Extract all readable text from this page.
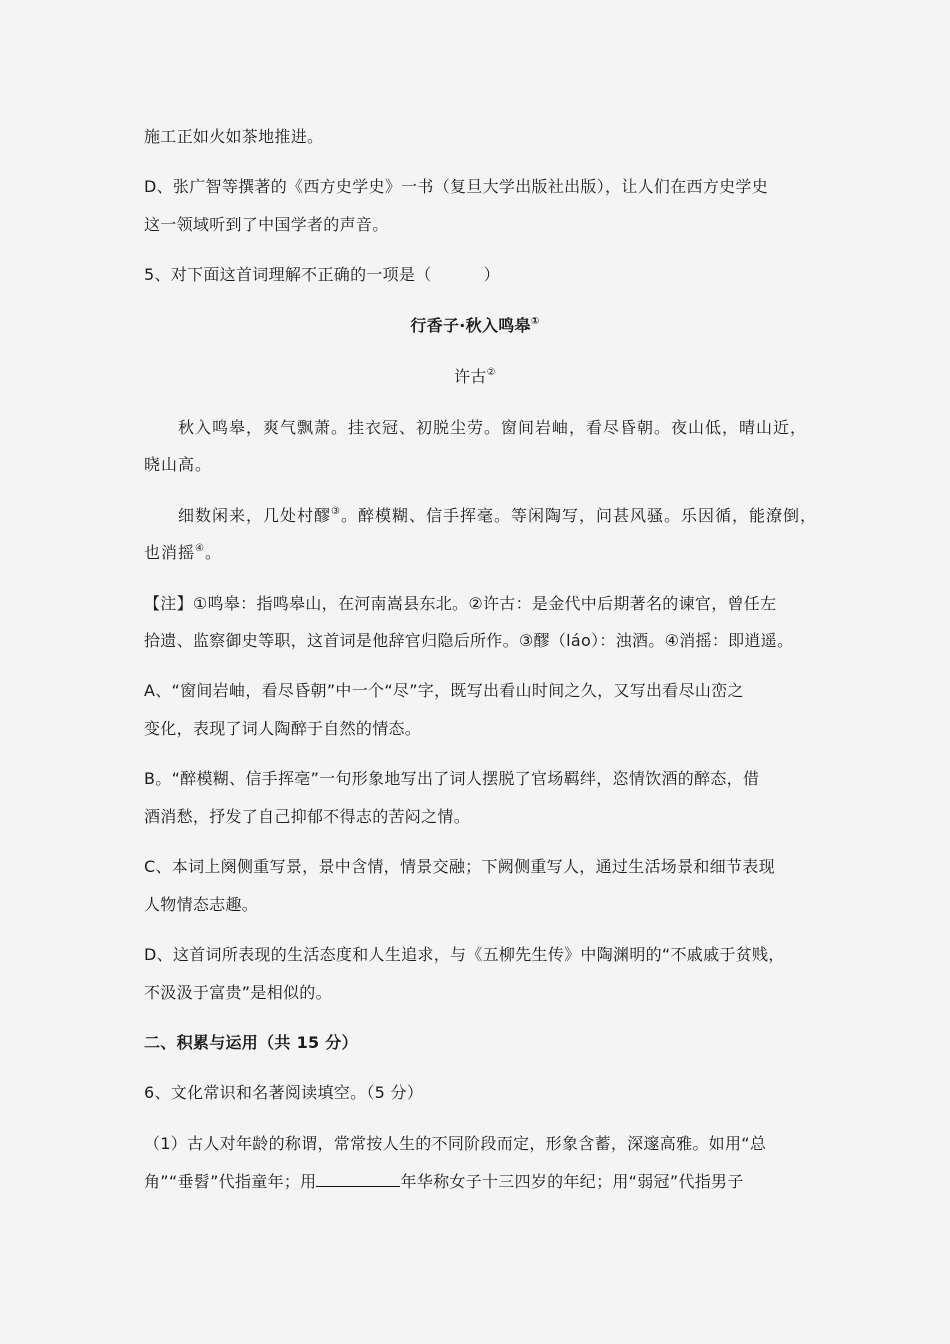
施工正如火如茶地推进。

D、张广智等撰著的《西方史学史》一书（复旦大学出版社出版），让人们在西方史学史

这一领域听到了中国学者的声音。

5、对下面这首词理解不正确的一项是（	）

行香子·秋入鸣皋①

许古②

秋入鸣皋，爽气飘萧。挂衣冠、初脱尘劳。窗间岩岫，看尽昏朝。夜山低，晴山近，

晓山高。

细数闲来，几处村醪③。醉模糊、信手挥毫。等闲陶写，问甚风骚。乐因循，能潦倒，

也消摇④。

【注】①鸣皋：指鸣皋山，在河南嵩县东北。②许古：是金代中后期著名的谏官，曾任左

拾遗、监察御史等职，这首词是他辞官归隐后所作。③醪（láo）：浊酒。④消摇：即逍遥。

A、“窗间岩岫，看尽昏朝”中一个“尽”字，既写出看山时间之久，又写出看尽山峦之

变化，表现了词人陶醉于自然的情态。

B。“醉模糊、信手挥亳”一句形象地写出了词人摆脱了官场羁绊，恣情饮酒的醉态，借

酒消愁，抒发了自己抑郁不得志的苦闷之情。

C、本词上阕侧重写景，景中含情，情景交融；下阙侧重写人，通过生活场景和细节表现

人物情态志趣。

D、这首词所表现的生活态度和人生追求，与《五柳先生传》中陶渊明的“不戚戚于贫贱，

不汲汲于富贵”是相似的。

二、积累与运用（共 15 分）

6、文化常识和名著阅读填空。（5 分）

（1）古人对年龄的称谓，常常按人生的不同阶段而定，形象含蓄，深邃高雅。如用“总

角”“垂髫”代指童年；用	年华称女子十三四岁的年纪；用“弱冠”代指男子
